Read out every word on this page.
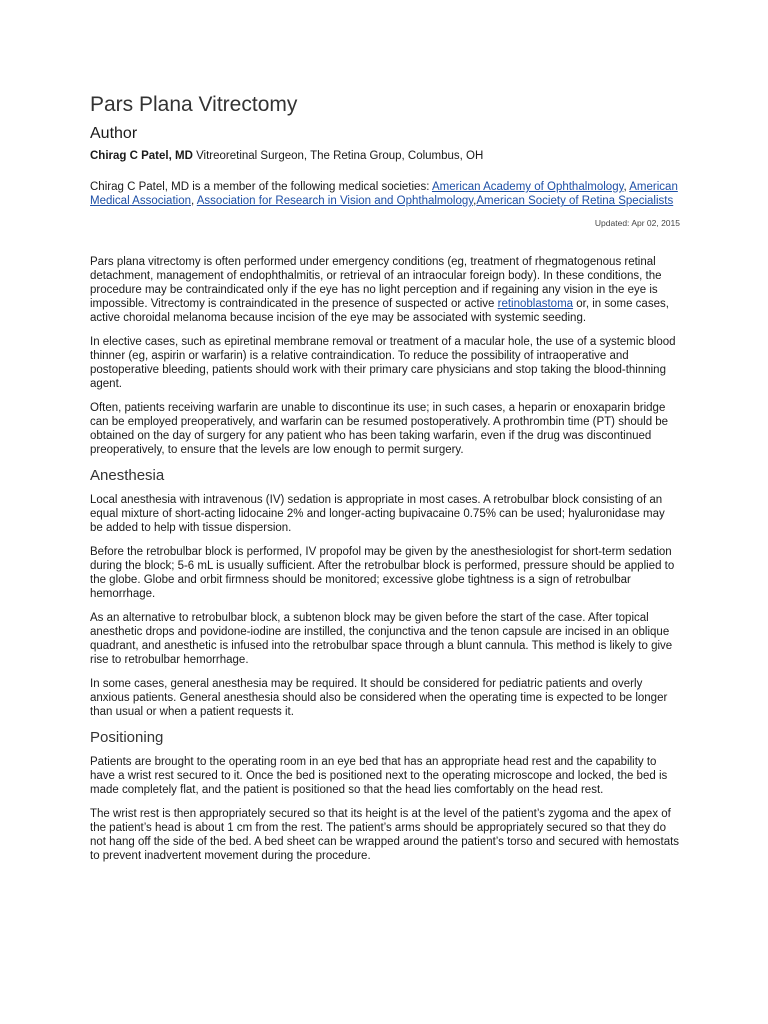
Pars Plana Vitrectomy
Author
Chirag C Patel, MD Vitreoretinal Surgeon, The Retina Group, Columbus, OH

Chirag C Patel, MD is a member of the following medical societies: American Academy of Ophthalmology, American Medical Association, Association for Research in Vision and Ophthalmology,American Society of Retina Specialists

Updated: Apr 02, 2015

Pars plana vitrectomy is often performed under emergency conditions (eg, treatment of rhegmatogenous retinal detachment, management of endophthalmitis, or retrieval of an intraocular foreign body). In these conditions, the procedure may be contraindicated only if the eye has no light perception and if regaining any vision in the eye is impossible. Vitrectomy is contraindicated in the presence of suspected or active retinoblastoma or, in some cases, active choroidal melanoma because incision of the eye may be associated with systemic seeding.

In elective cases, such as epiretinal membrane removal or treatment of a macular hole, the use of a systemic blood thinner (eg, aspirin or warfarin) is a relative contraindication. To reduce the possibility of intraoperative and postoperative bleeding, patients should work with their primary care physicians and stop taking the blood-thinning agent.

Often, patients receiving warfarin are unable to discontinue its use; in such cases, a heparin or enoxaparin bridge can be employed preoperatively, and warfarin can be resumed postoperatively. A prothrombin time (PT) should be obtained on the day of surgery for any patient who has been taking warfarin, even if the drug was discontinued preoperatively, to ensure that the levels are low enough to permit surgery.

Anesthesia

Local anesthesia with intravenous (IV) sedation is appropriate in most cases. A retrobulbar block consisting of an equal mixture of short-acting lidocaine 2% and longer-acting bupivacaine 0.75% can be used; hyaluronidase may be added to help with tissue dispersion.

Before the retrobulbar block is performed, IV propofol may be given by the anesthesiologist for short-term sedation during the block; 5-6 mL is usually sufficient. After the retrobulbar block is performed, pressure should be applied to the globe. Globe and orbit firmness should be monitored; excessive globe tightness is a sign of retrobulbar hemorrhage.

As an alternative to retrobulbar block, a subtenon block may be given before the start of the case. After topical anesthetic drops and povidone-iodine are instilled, the conjunctiva and the tenon capsule are incised in an oblique quadrant, and anesthetic is infused into the retrobulbar space through a blunt cannula. This method is likely to give rise to retrobulbar hemorrhage.

In some cases, general anesthesia may be required. It should be considered for pediatric patients and overly anxious patients. General anesthesia should also be considered when the operating time is expected to be longer than usual or when a patient requests it.

Positioning

Patients are brought to the operating room in an eye bed that has an appropriate head rest and the capability to have a wrist rest secured to it. Once the bed is positioned next to the operating microscope and locked, the bed is made completely flat, and the patient is positioned so that the head lies comfortably on the head rest.

The wrist rest is then appropriately secured so that its height is at the level of the patient’s zygoma and the apex of the patient’s head is about 1 cm from the rest. The patient’s arms should be appropriately secured so that they do not hang off the side of the bed. A bed sheet can be wrapped around the patient’s torso and secured with hemostats to prevent inadvertent movement during the procedure.
